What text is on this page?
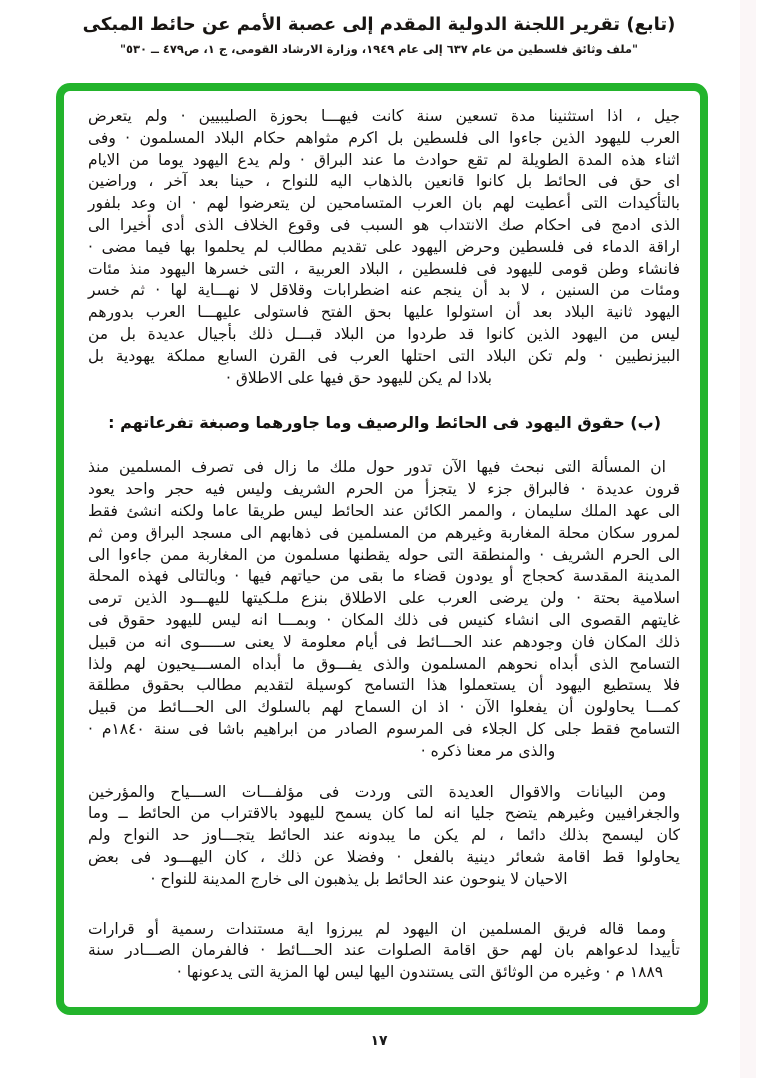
(تابع) تقرير اللجنة الدولية المقدم إلى عصبة الأمم عن حائط المبكى
"ملف وثائق فلسطين من عام ٦٣٧ إلى عام ١٩٤٩، وزارة الارشاد القومى، ج ١، ص٤٧٩ ــ ٥٣٠"
جيل ، اذا استثنينا مدة تسعين سنة كانت فيهـــا بحوزة الصليبيين · ولم يتعرض
العرب لليهود الذين جاءوا الى فلسطين بل اكرم مثواهم حكام البلاد المسلمون · وفى
اثناء هذه المدة الطويلة لم تقع حوادث ما عند البراق · ولم يدع اليهود يوما من الايام
اى حق فى الحائط بل كانوا قانعين بالذهاب اليه للنواح ، حينا بعد آخر ، وراضين
بالتأكيدات التى أعطيت لهم بان العرب المتسامحين لن يتعرضوا لهم · ان وعد بلفور
الذى ادمج فى احكام صك الانتداب هو السبب فى وقوع الخلاف الذى أدى أخيرا الى
اراقة الدماء فى فلسطين وحرض اليهود على تقديم مطالب لم يحلموا بها فيما مضى ·
فانشاء وطن قومى لليهود فى فلسطين ، البلاد العربية ، التى خسرها اليهود منذ مئات
ومئات من السنين ، لا بد أن ينجم عنه اضطرابات وقلاقل لا نهـــاية لها · ثم خسر
اليهود ثانية البلاد بعد أن استولوا عليها بحق الفتح فاستولى عليهـــا العرب بدورهم
ليس من اليهود الذين كانوا قد طردوا من البلاد قبـــل ذلك بأجيال عديدة بل من
البيزنطيين · ولم تكن البلاد التى احتلها العرب فى القرن السابع مملكة يهودية بل
بلادا لم يكن لليهود حق فيها على الاطلاق ·
(ب) حقوق اليهود فى الحائط والرصيف وما جاورهما وصبغة تفرعاتهم :
ان المسألة التى نبحث فيها الآن تدور حول ملك ما زال فى تصرف المسلمين منذ
قرون عديدة · فالبراق جزء لا يتجزأ من الحرم الشريف وليس فيه حجر واحد يعود
الى عهد الملك سليمان ، والممر الكائن عند الحائط ليس طريقا عاما ولكنه انشئ فقط
لمرور سكان محلة المغاربة وغيرهم من المسلمين فى ذهابهم الى مسجد البراق ومن ثم
الى الحرم الشريف · والمنطقة التى حوله يقطنها مسلمون من المغاربة ممن جاءوا الى
المدينة المقدسة كحجاج أو يودون قضاء ما بقى من حياتهم فيها · وبالتالى فهذه المحلة
اسلامية بحتة · ولن يرضى العرب على الاطلاق بنزع ملـكيتها لليهـــود الذين ترمى
غايتهم القصوى الى انشاء كنيس فى ذلك المكان · وبمـــا انه ليس لليهود حقوق فى
ذلك المكان فان وجودهم عند الحـــائط فى أيام معلومة لا يعنى ســـــوى انه من قبيل
التسامح الذى أبداه نحوهم المسلمون والذى يفـــوق ما أبداه المســـيحيون لهم ولذا
فلا يستطيع اليهود أن يستعملوا هذا التسامح كوسيلة لتقديم مطالب بحقوق مطلقة
كمـــا يحاولون أن يفعلوا الآن · اذ ان السماح لهم بالسلوك الى الحـــائط من قبيل
التسامح فقط جلى كل الجلاء فى المرسوم الصادر من ابراهيم باشا فى سنة ١٨٤٠م ·
والذى مر معنا ذكره ·
ومن البيانات والاقوال العديدة التى وردت فى مؤلفـــات الســـياح والمؤرخين
والجغرافيين وغيرهم يتضح جليا انه لما كان يسمح لليهود بالاقتراب من الحائط ــ وما
كان ليسمح بذلك دائما ، لم يكن ما يبدونه عند الحائط يتجـــاوز حد النواح ولم
يحاولوا قط اقامة شعائر دينية بالفعل · وفضلا عن ذلك ، كان اليهـــود فى بعض
الاحيان لا ينوحون عند الحائط بل يذهبون الى خارج المدينة للنواح ·
ومما قاله فريق المسلمين ان اليهود لم يبرزوا اية مستندات رسمية أو قرارات
تأييدا لدعواهم بان لهم حق اقامة الصلوات عند الحـــائط · فالفرمان الصـــادر سنة
١٨٨٩ م · وغيره من الوثائق التى يستندون اليها ليس لها المزية التى يدعونها ·
١٧
